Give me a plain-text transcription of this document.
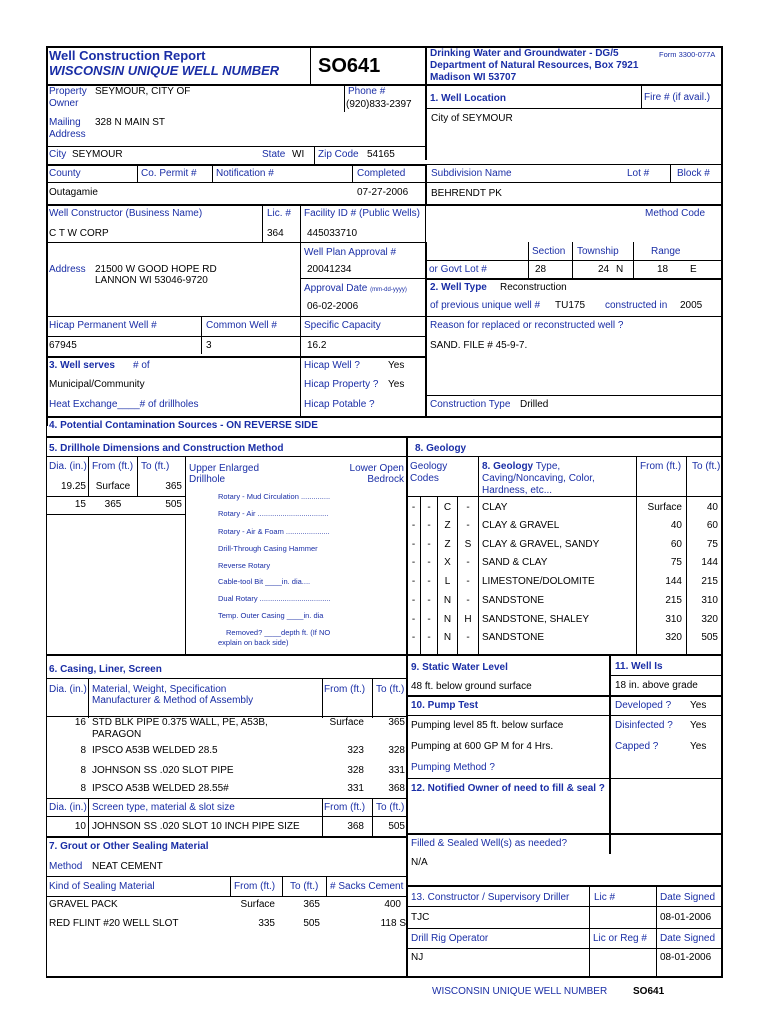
Well Construction Report
WISCONSIN UNIQUE WELL NUMBER SO641
Drinking Water and Groundwater - DG/5
Department of Natural Resources, Box 7921
Madison WI 53707
Form 3300-077A
Property
Owner
SEYMOUR, CITY OF	Phone #
(920)833-2397
Mailing
Address
328 N MAIN ST
City SEYMOUR	State WI Zip Code 54165
County
Outagamie
Co. Permit # Notification #	Completed
07-27-2006
1. Well Location	Fire # (if avail.)
City of SEYMOUR
Subdivision Name	Lot #	Block #
BEHRENDT PK
Method Code
Section Township	Range
or Govt Lot #	28	24 N	18 E
Well Constructor (Business Name)
C T W CORP
Lic. #
364
Facility ID # (Public Wells)
445033710
Well Plan Approval #
20041234
Address 21500 W GOOD HOPE RD
LANNON WI 53046-9720
Approval Date (mm-dd-yyyy)
06-02-2006
Hicap Permanent Well #
67945
Common Well #
3
Specific Capacity
16.2
2. Well Type Reconstruction
of previous unique well # TU175 constructed in 2005
Reason for replaced or reconstructed well ?
SAND. FILE # 45-9-7.
Construction Type Drilled
3. Well serves # of
Municipal/Community
Heat Exchange____# of drillholes
Hicap Well ?	Yes
Hicap Property ? Yes
Hicap Potable ?
4. Potential Contamination Sources - ON REVERSE SIDE
5. Drillhole Dimensions and Construction Method
Dia. (in.) From (ft.) To (ft.) Upper Enlarged
Drillhole
Lower Open
Bedrock
19.25 Surface	365
15	365	505
Rotary - Mud Circulation ..............
Rotary - Air ..................................
Rotary - Air & Foam .....................
Drill-Through Casing Hammer
Reverse Rotary
Cable-tool Bit ____in. dia....
Dual Rotary ..................................
Temp. Outer Casing ____in. dia
Removed? ____depth ft. (If NO
explain on back side)
8. Geology
Geology
Codes
8. Geology Type,
Caving/Noncaving, Color,
Hardness, etc...
From (ft.) To (ft.)
-	-	C	-	CLAY	Surface	40
-	-	Z	-	CLAY & GRAVEL	40	60
-	-	Z	S	CLAY & GRAVEL, SANDY	60	75
-	-	X	-	SAND & CLAY	75	144
-	-	L	-	LIMESTONE/DOLOMITE	144	215
-	-	N	-	SANDSTONE	215	310
-	-	N	H	SANDSTONE, SHALEY	310	320
-	-	N	-	SANDSTONE	320	505
6. Casing, Liner, Screen
Dia. (in.) Material, Weight, Specification
Manufacturer & Method of Assembly
From (ft.) To (ft.)
16 STD BLK PIPE 0.375 WALL, PE, A53B,
PARAGON
Surface	365
8 IPSCO A53B WELDED 28.5	323	328
8 JOHNSON SS .020 SLOT PIPE	328	331
8 IPSCO A53B WELDED 28.55#	331	368
Dia. (in.) Screen type, material & slot size	From (ft.) To (ft.)
10 JOHNSON SS .020 SLOT 10 INCH PIPE SIZE	368	505
7. Grout or Other Sealing Material
Method NEAT CEMENT
Kind of Sealing Material	From (ft.) To (ft.) # Sacks Cement
GRAVEL PACK	Surface	365	400
RED FLINT #20 WELL SLOT	335	505	118 S
9. Static Water Level
48 ft. below ground surface
10. Pump Test
Pumping level 85 ft. below surface
Pumping at 600 GP M for 4 Hrs.
Pumping Method ?
11. Well Is
18 in. above grade
Developed ? Yes
Disinfected ? Yes
Capped ?	Yes
12. Notified Owner of need to fill & seal ?
Filled & Sealed Well(s) as needed?
N/A
13. Constructor / Supervisory Driller Lic #	Date Signed
TJC	08-01-2006
Drill Rig Operator	Lic or Reg # Date Signed
NJ	08-01-2006
WISCONSIN UNIQUE WELL NUMBER	SO641
